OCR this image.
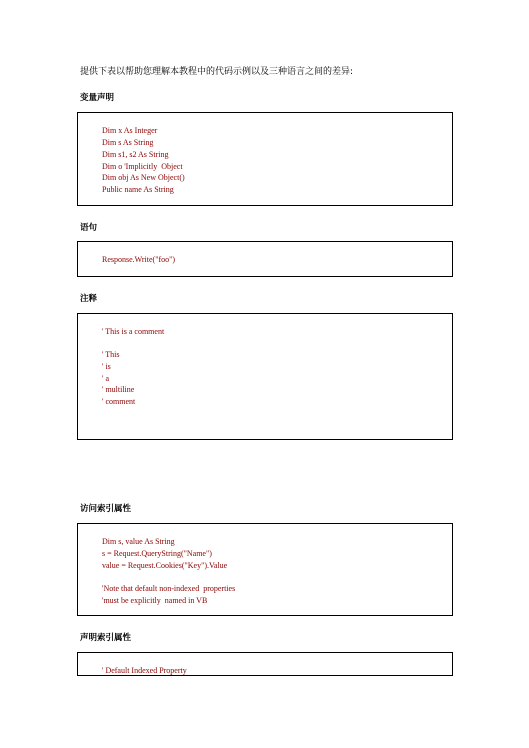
提供下表以帮助您理解本教程中的代码示例以及三种语言之间的差异:
变量声明
Dim x As Integer
Dim s As String
Dim s1, s2 As String
Dim o 'Implicitly  Object
Dim obj As New Object()
Public name As String
语句
Response.Write("foo")
注释
' This is a comment
' This
' is
' a
' multiline
' comment
访问索引属性
Dim s, value As String
s = Request.QueryString("Name")
value = Request.Cookies("Key").Value
'Note that default non-indexed  properties
'must be explicitly  named in VB
声明索引属性
' Default Indexed Property
